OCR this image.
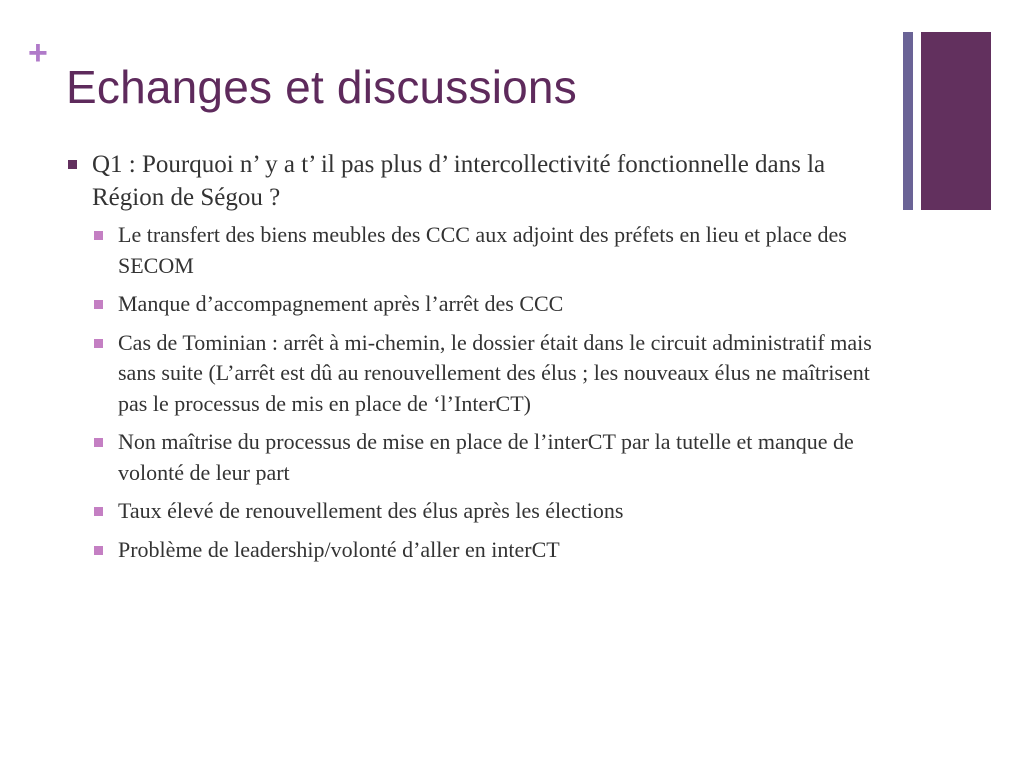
+
Echanges et discussions
Q1 : Pourquoi n’ y a t’ il pas plus d’ intercollectivité fonctionnelle dans la Région de Ségou ?
Le transfert des biens meubles des CCC aux adjoint des préfets en lieu et place des SECOM
Manque d’accompagnement après l’arrêt des CCC
Cas de Tominian : arrêt à mi-chemin, le dossier était dans le circuit administratif mais sans suite (L’arrêt est dû au renouvellement des élus ; les nouveaux élus ne maîtrisent pas le processus de mis en place de ‘l’InterCT)
Non maîtrise du processus de mise en place de l’interCT par la tutelle et manque de volonté de leur part
Taux élevé de renouvellement des élus après les élections
Problème de leadership/volonté d’aller en interCT
